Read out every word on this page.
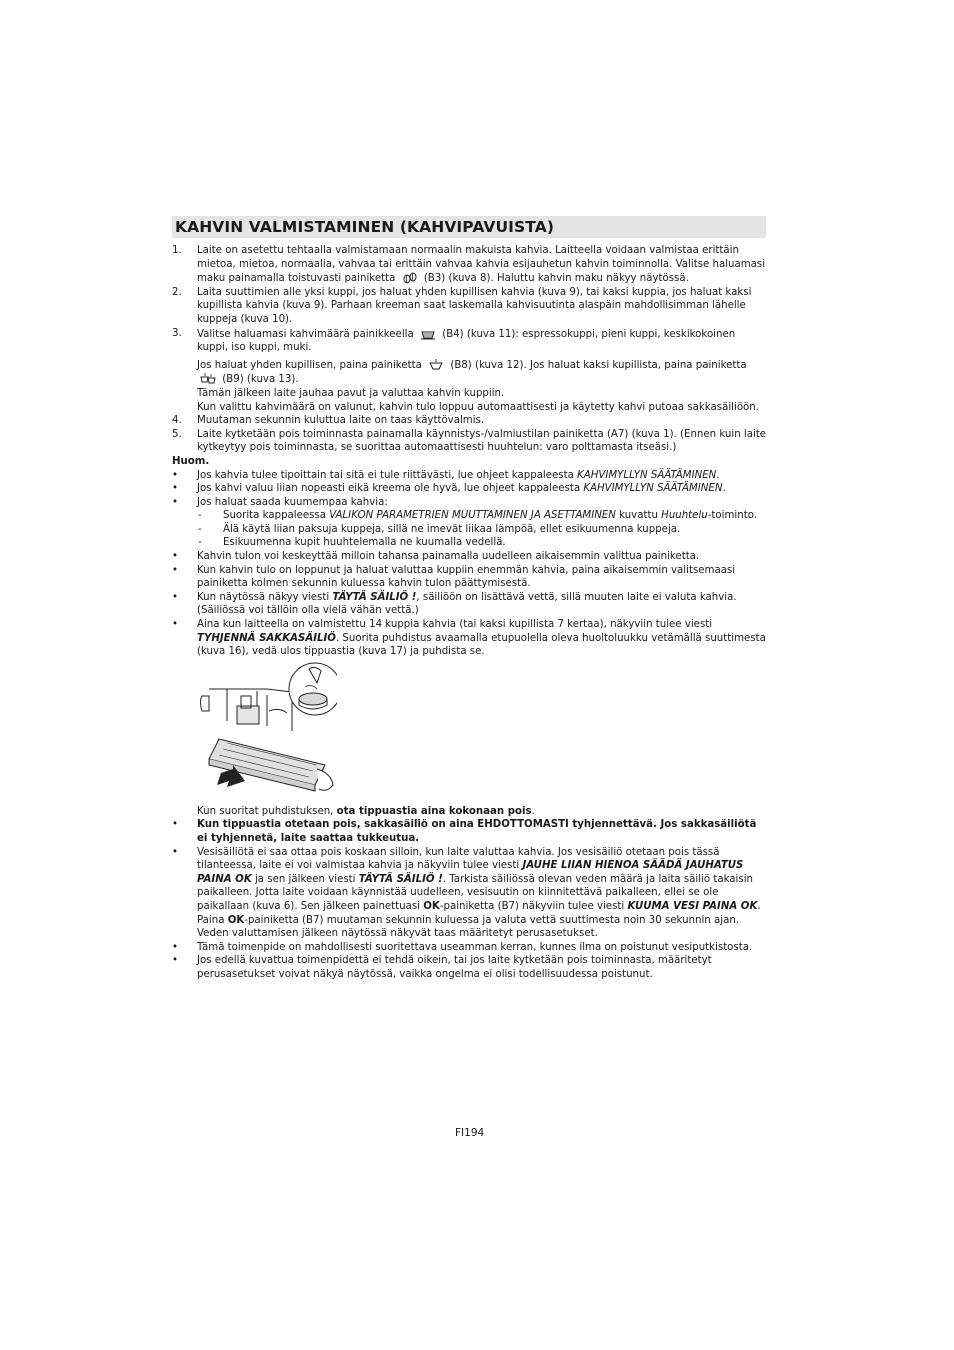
KAHVIN VALMISTAMINEN (KAHVIPAVUISTA)
1. Laite on asetettu tehtaalla valmistamaan normaalin makuista kahvia. Laitteella voidaan valmistaa erittäin mietoa, mietoa, normaalia, vahvaa tai erittäin vahvaa kahvia esijauhetun kahvin toiminnolla. Valitse haluamasi maku painamalla toistuvasti painiketta	(B3) (kuva 8). Haluttu kahvin maku näkyy näytössä.
2. Laita suuttimien alle yksi kuppi, jos haluat yhden kupillisen kahvia (kuva 9), tai kaksi kuppia, jos haluat kaksi kupillista kahvia (kuva 9). Parhaan kreeman saat laskemalla kahvisuutinta alaspäin mahdollisimman lähelle kuppeja (kuva 10).
3. Valitse haluamasi kahvimäärä painikkeella	(B4) (kuva 11): espressokuppi, pieni kuppi, keskikokoinen kuppi, iso kuppi, muki.
Jos haluat yhden kupillisen, paina painiketta	(B8) (kuva 12). Jos haluat kaksi kupillista, paina painiketta  (B9) (kuva 13).
Tämän jälkeen laite jauhaa pavut ja valuttaa kahvin kuppiin.
Kun valittu kahvimäärä on valunut, kahvin tulo loppuu automaattisesti ja käytetty kahvi putoaa sakkasäiliöön.
4. Muutaman sekunnin kuluttua laite on taas käyttövalmis.
5. Laite kytketään pois toiminnasta painamalla käynnistys-/valmiustilan painiketta (A7) (kuva 1). (Ennen kuin laite kytkeytyy pois toiminnasta, se suorittaa automaattisesti huuhtelun: varo polttamasta itseäsi.)
Huom.
• Jos kahvia tulee tipoittain tai sitä ei tule riittävästi, lue ohjeet kappaleesta KAHVIMYLLYN SÄÄTÄMINEN.
• Jos kahvi valuu liian nopeasti eikä kreema ole hyvä, lue ohjeet kappaleesta KAHVIMYLLYN SÄÄTÄMINEN.
• Jos haluat saada kuumempaa kahvia:
- Suorita kappaleessa VALIKON PARAMETRIEN MUUTTAMINEN JA ASETTAMINEN kuvattu Huuhtelu-toiminto.
- Älä käytä liian paksuja kuppeja, sillä ne imevät liikaa lämpöä, ellet esikuumenna kuppeja.
- Esikuumenna kupit huuhtelemalla ne kuumalla vedellä.
• Kahvin tulon voi keskeyttää milloin tahansa painamalla uudelleen aikaisemmin valittua painiketta.
• Kun kahvin tulo on loppunut ja haluat valuttaa kuppiin enemmän kahvia, paina aikaisemmin valitsemaasi painiketta kolmen sekunnin kuluessa kahvin tulon päättymisestä.
• Kun näytössä näkyy viesti TÄYTÄ SÄILIÖ !, säiliöön on lisättävä vettä, sillä muuten laite ei valuta kahvia. (Säiliössä voi tällöin olla vielä vähän vettä.)
• Aina kun laitteella on valmistettu 14 kuppia kahvia (tai kaksi kupillista 7 kertaa), näkyviin tulee viesti TYHJENNÄ SAKKASÄILIÖ. Suorita puhdistus avaamalla etupuolella oleva huoltoluukku vetämällä suuttimesta (kuva 16), vedä ulos tippuastia (kuva 17) ja puhdista se.
Kun suoritat puhdistuksen, ota tippuastia aina kokonaan pois.
• Kun tippuastia otetaan pois, sakkasäiliö on aina EHDOTTOMASTI tyhjennettävä. Jos sakkasäiliötä ei tyhjennetä, laite saattaa tukkeutua.
• Vesisäiliötä ei saa ottaa pois koskaan silloin, kun laite valuttaa kahvia. Jos vesisäiliö otetaan pois tässä tilanteessa, laite ei voi valmistaa kahvia ja näkyviin tulee viesti JAUHE LIIAN HIENOA SÄÄDÄ JAUHATUS PAINA OK ja sen jälkeen viesti TÄYTÄ SÄILIÖ !. Tarkista säiliössä olevan veden määrä ja laita säiliö takaisin paikalleen. Jotta laite voidaan käynnistää uudelleen, vesisuutin on kiinnitettävä paikalleen, ellei se ole paikallaan (kuva 6). Sen jälkeen painettuasi OK-painiketta (B7) näkyviin tulee viesti KUUMA VESI PAINA OK. Paina OK-painiketta (B7) muutaman sekunnin kuluessa ja valuta vettä suuttimesta noin 30 sekunnin ajan. Veden valuttamisen jälkeen näytössä näkyvät taas määritetyt perusasetukset.
• Tämä toimenpide on mahdollisesti suoritettava useamman kerran, kunnes ilma on poistunut vesiputkistosta.
• Jos edellä kuvattua toimenpidettä ei tehdä oikein, tai jos laite kytketään pois toiminnasta, määritetyt perusasetukset voivat näkyä näytössä, vaikka ongelma ei olisi todellisuudessa poistunut.
FI194
